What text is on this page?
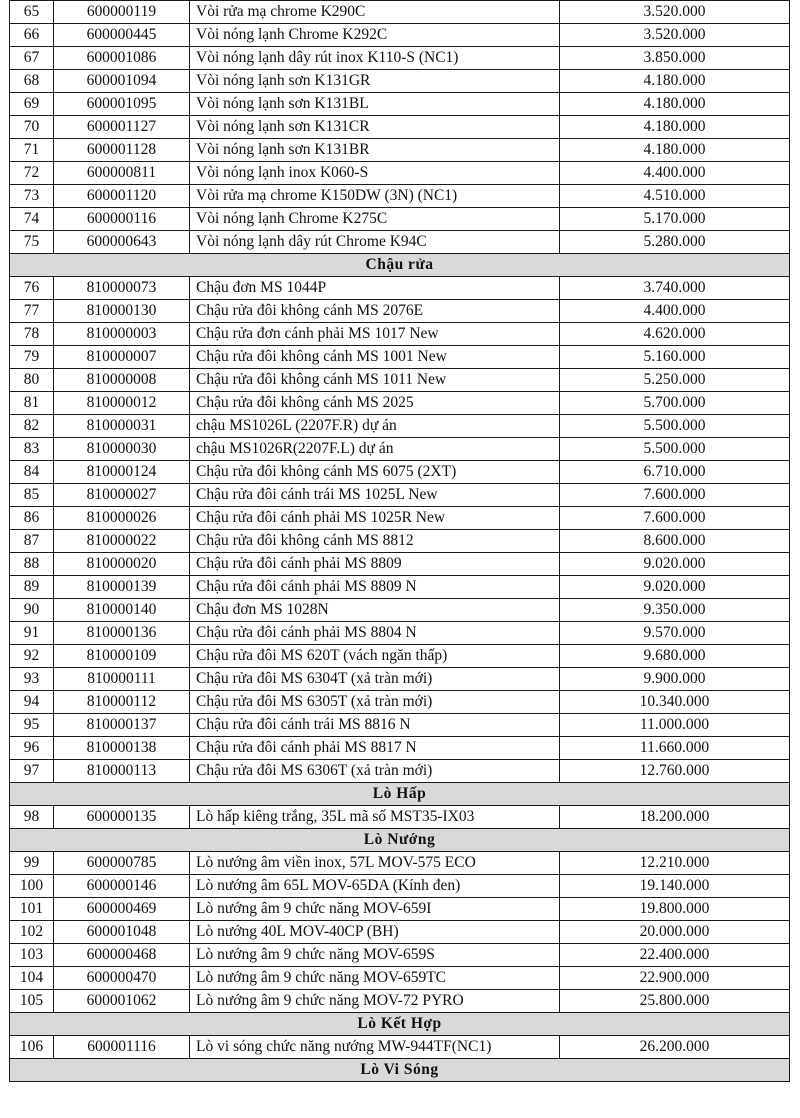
65	600000119	Vòi rửa mạ chrome K290C	3.520.000
66	600000445	Vòi nóng lạnh Chrome K292C	3.520.000
67	600001086	Vòi nóng lạnh dây rút inox K110-S (NC1)	3.850.000
68	600001094	Vòi nóng lạnh sơn K131GR	4.180.000
69	600001095	Vòi nóng lạnh sơn K131BL	4.180.000
70	600001127	Vòi nóng lạnh sơn K131CR	4.180.000
71	600001128	Vòi nóng lạnh sơn K131BR	4.180.000
72	600000811	Vòi nóng lạnh inox K060-S	4.400.000
73	600001120	Vòi rửa mạ chrome K150DW (3N) (NC1)	4.510.000
74	600000116	Vòi nóng lạnh Chrome K275C	5.170.000
75	600000643	Vòi nóng lạnh dây rút Chrome K94C	5.280.000
Chậu rửa			
76	810000073	Chậu đơn MS 1044P	3.740.000
77	810000130	Chậu rửa đôi không cánh MS 2076E	4.400.000
78	810000003	Chậu rửa đơn cánh phải MS 1017 New	4.620.000
79	810000007	Chậu rửa đôi không cánh MS 1001 New	5.160.000
80	810000008	Chậu rửa đôi không cánh MS 1011 New	5.250.000
81	810000012	Chậu rửa đôi không cánh MS 2025	5.700.000
82	810000031	chậu MS1026L (2207F.R) dự án	5.500.000
83	810000030	chậu MS1026R(2207F.L) dự án	5.500.000
84	810000124	Chậu rửa đôi không cánh MS 6075 (2XT)	6.710.000
85	810000027	Chậu rửa đôi cánh trái MS 1025L New	7.600.000
86	810000026	Chậu rửa đôi cánh phải MS 1025R New	7.600.000
87	810000022	Chậu rửa đôi không cánh MS 8812	8.600.000
88	810000020	Chậu rửa đôi cánh phải MS 8809	9.020.000
89	810000139	Chậu rửa đôi cánh phải MS 8809 N	9.020.000
90	810000140	Chậu đơn MS 1028N	9.350.000
91	810000136	Chậu rửa đôi cánh phải MS 8804 N	9.570.000
92	810000109	Chậu rửa đôi MS 620T (vách ngăn thấp)	9.680.000
93	810000111	Chậu rửa đôi MS 6304T (xả tràn mới)	9.900.000
94	810000112	Chậu rửa đôi MS 6305T (xả tràn mới)	10.340.000
95	810000137	Chậu rửa đôi cánh trái MS 8816 N	11.000.000
96	810000138	Chậu rửa đôi cánh phải MS 8817 N	11.660.000
97	810000113	Chậu rửa đôi MS 6306T (xả tràn mới)	12.760.000
Lò Hấp			
98	600000135	Lò hấp kiêng trắng, 35L mã số MST35-IX03	18.200.000
Lò Nướng			
99	600000785	Lò nướng âm viền inox, 57L MOV-575 ECO	12.210.000
100	600000146	Lò nướng âm 65L MOV-65DA (Kính đen)	19.140.000
101	600000469	Lò nướng âm 9 chức năng MOV-659I	19.800.000
102	600001048	Lò nướng 40L MOV-40CP (BH)	20.000.000
103	600000468	Lò nướng âm 9 chức năng MOV-659S	22.400.000
104	600000470	Lò nướng âm 9 chức năng MOV-659TC	22.900.000
105	600001062	Lò nướng âm 9 chức năng MOV-72 PYRO	25.800.000
Lò Kết Hợp			
106	600001116	Lò vi sóng chức năng nướng MW-944TF(NC1)	26.200.000
Lò Vi Sóng			
